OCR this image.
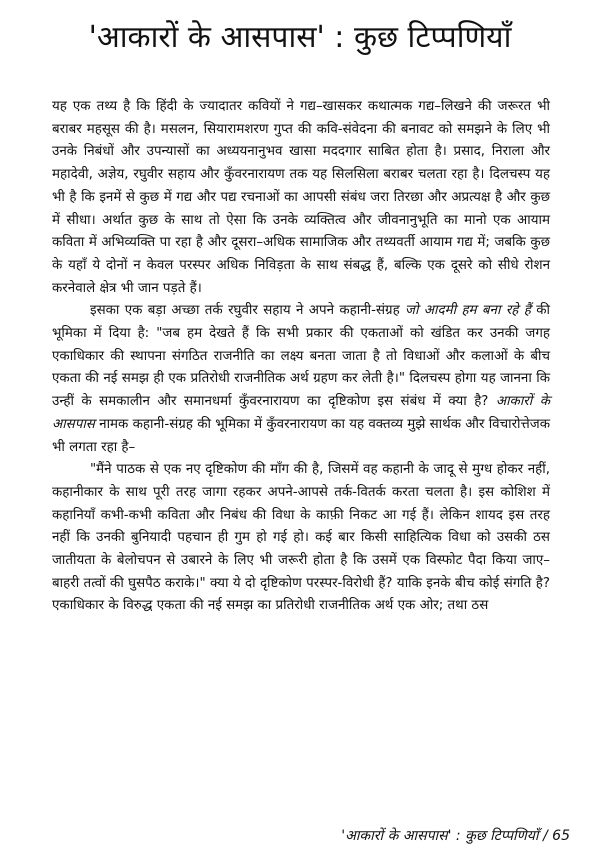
'आकारों के आसपास' : कुछ टिप्पणियाँ

यह एक तथ्य है कि हिंदी के ज्यादातर कवियों ने गद्य–खासकर कथात्मक गद्य–लिखने की जरूरत भी बराबर महसूस की है। मसलन, सियारामशरण गुप्त की कवि-संवेदना की बनावट को समझने के लिए भी उनके निबंधों और उपन्यासों का अध्ययनानुभव खासा मददगार साबित होता है। प्रसाद, निराला और महादेवी, अज्ञेय, रघुवीर सहाय और कुँवरनारायण तक यह सिलसिला बराबर चलता रहा है। दिलचस्प यह भी है कि इनमें से कुछ में गद्य और पद्य रचनाओं का आपसी संबंध जरा तिरछा और अप्रत्यक्ष है और कुछ में सीधा। अर्थात कुछ के साथ तो ऐसा कि उनके व्यक्तित्व और जीवनानुभूति का मानो एक आयाम कविता में अभिव्यक्ति पा रहा है और दूसरा–अधिक सामाजिक और तथ्यवर्ती आयाम गद्य में; जबकि कुछ के यहाँ ये दोनों न केवल परस्पर अधिक निविड़ता के साथ संबद्ध हैं, बल्कि एक दूसरे को सीधे रोशन करनेवाले क्षेत्र भी जान पड़ते हैं।

इसका एक बड़ा अच्छा तर्क रघुवीर सहाय ने अपने कहानी-संग्रह जो आदमी हम बना रहे हैं की भूमिका में दिया है: "जब हम देखते हैं कि सभी प्रकार की एकताओं को खंडित कर उनकी जगह एकाधिकार की स्थापना संगठित राजनीति का लक्ष्य बनता जाता है तो विधाओं और कलाओं के बीच एकता की नई समझ ही एक प्रतिरोधी राजनीतिक अर्थ ग्रहण कर लेती है।" दिलचस्प होगा यह जानना कि उन्हीं के समकालीन और समानधर्मा कुँवरनारायण का दृष्टिकोण इस संबंध में क्या है? आकारों के आसपास नामक कहानी-संग्रह की भूमिका में कुँवरनारायण का यह वक्तव्य मुझे सार्थक और विचारोत्तेजक भी लगता रहा है–

"मैंने पाठक से एक नए दृष्टिकोण की माँग की है, जिसमें वह कहानी के जादू से मुग्ध होकर नहीं, कहानीकार के साथ पूरी तरह जागा रहकर अपने-आपसे तर्क-वितर्क करता चलता है। इस कोशिश में कहानियाँ कभी-कभी कविता और निबंध की विधा के काफ़ी निकट आ गई हैं। लेकिन शायद इस तरह नहीं कि उनकी बुनियादी पहचान ही गुम हो गई हो। कई बार किसी साहित्यिक विधा को उसकी ठस जातीयता के बेलोचपन से उबारने के लिए भी जरूरी होता है कि उसमें एक विस्फोट पैदा किया जाए–बाहरी तत्वों की घुसपैठ कराके।" क्या ये दो दृष्टिकोण परस्पर-विरोधी हैं? याकि इनके बीच कोई संगति है? एकाधिकार के विरुद्ध एकता की नई समझ का प्रतिरोधी राजनीतिक अर्थ एक ओर; तथा ठस

'आकारों के आसपास' : कुछ टिप्पणियाँ / 65
